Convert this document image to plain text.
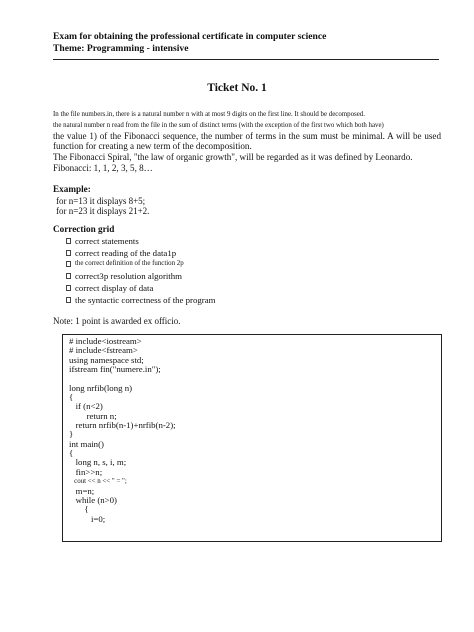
Exam for obtaining the professional certificate in computer science
Theme: Programming - intensive
Ticket No. 1
In the file numbers.in, there is a natural number n with at most 9 digits on the first line. It should be decomposed.
the natural number n read from the file in the sum of distinct terms (with the exception of the first two which both have)
the value 1) of the Fibonacci sequence, the number of terms in the sum must be minimal. A will be used
function for creating a new term of the decomposition.
The Fibonacci Spiral, "the law of organic growth", will be regarded as it was defined by Leonardo.
Fibonacci: 1, 1, 2, 3, 5, 8…
Example:
for n=13 it displays 8+5;
for n=23 it displays 21+2.
Correction grid
correct statements
correct reading of the data1p
the correct definition of the function 2p
correct3p resolution algorithm
correct display of data
the syntactic correctness of the program
Note: 1 point is awarded ex officio.
# include<iostream>
# include<fstream>
using namespace std;
ifstream fin("numere.in");
long nrfib(long n)
{
if (n<2)
return n;
return nrfib(n-1)+nrfib(n-2);
}
int main()
{
long n, s, i, m;
fin>>n;
cout << n << " = ";
m=n;
while (n>0)
{
i=0;
